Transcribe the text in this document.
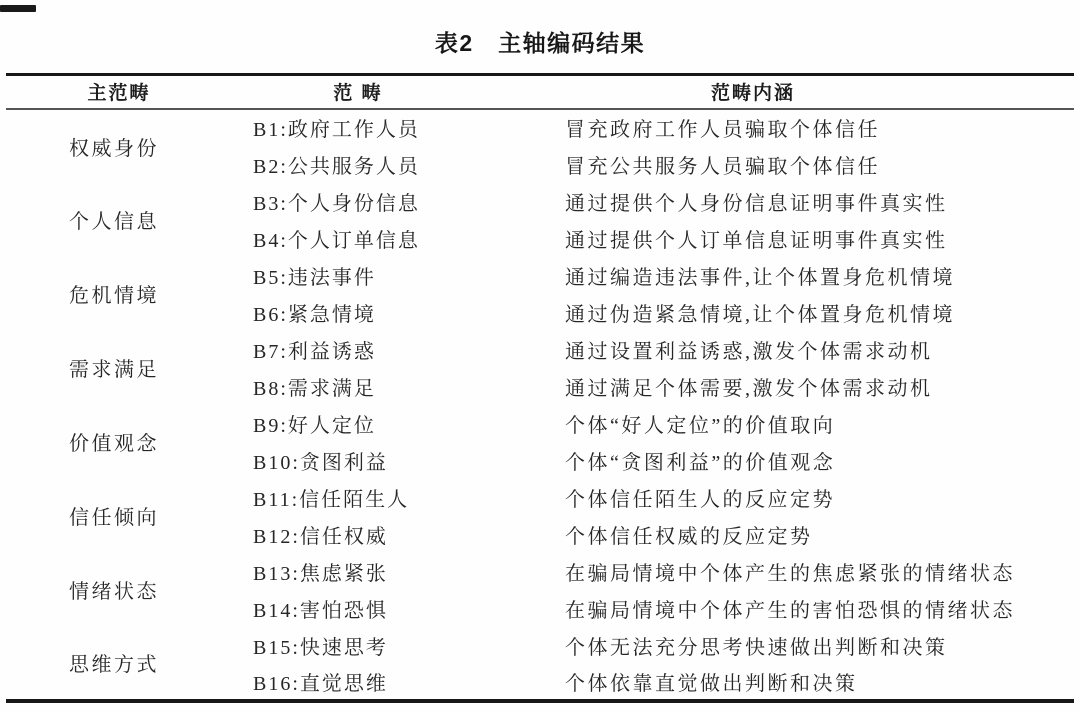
表2　主轴编码结果
主范畴	范 畴	范畴内涵
权威身份	B1:政府工作人员	冒充政府工作人员骗取个体信任
	B2:公共服务人员	冒充公共服务人员骗取个体信任
个人信息	B3:个人身份信息	通过提供个人身份信息证明事件真实性
	B4:个人订单信息	通过提供个人订单信息证明事件真实性
危机情境	B5:违法事件	通过编造违法事件,让个体置身危机情境
	B6:紧急情境	通过伪造紧急情境,让个体置身危机情境
需求满足	B7:利益诱惑	通过设置利益诱惑,激发个体需求动机
	B8:需求满足	通过满足个体需要,激发个体需求动机
价值观念	B9:好人定位	个体“好人定位”的价值取向
	B10:贪图利益	个体“贪图利益”的价值观念
信任倾向	B11:信任陌生人	个体信任陌生人的反应定势
	B12:信任权威	个体信任权威的反应定势
情绪状态	B13:焦虑紧张	在骗局情境中个体产生的焦虑紧张的情绪状态
	B14:害怕恐惧	在骗局情境中个体产生的害怕恐惧的情绪状态
思维方式	B15:快速思考	个体无法充分思考快速做出判断和决策
	B16:直觉思维	个体依靠直觉做出判断和决策
